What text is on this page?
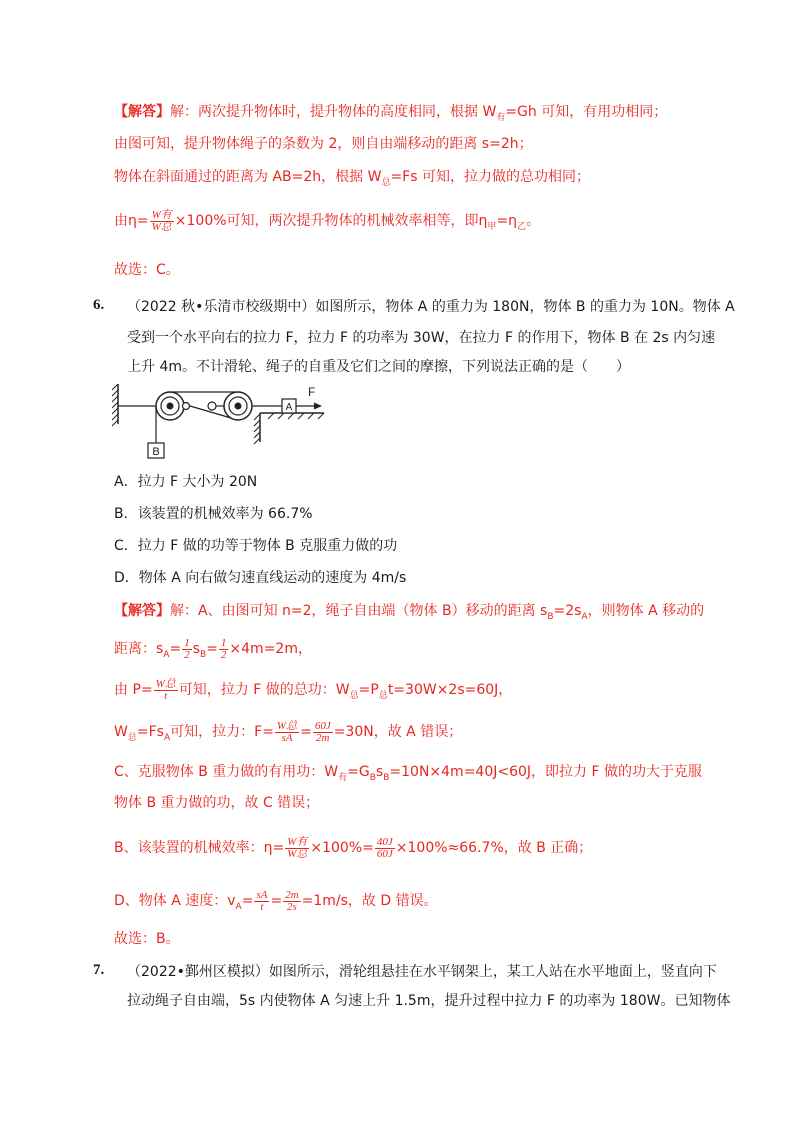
【解答】解：两次提升物体时，提升物体的高度相同，根据 $W_有=Gh$ 可知，有用功相同；
由图可知，提升物体绳子的条数为 2，则自由端移动的距离 s=2h；
物体在斜面通过的距离为 AB=2h，根据 $W_总=Fs$ 可知，拉力做的总功相同；
由$\eta= \frac{\text{W有}}{\text{W总}} \times 100\%$可知，两次提升物体的机械效率相等，即$\eta_甲=\eta_乙$。
故选：C。
6. （2022 秋•乐清市校级期中）如图所示，物体 A 的重力为 180N，物体 B 的重力为 10N。物体 A
受到一个水平向右的拉力 F，拉力 F 的功率为 30W，在拉力 F 的作用下，物体 B 在 2s 内匀速
上升 4m。不计滑轮、绳子的自重及它们之间的摩擦，下列说法正确的是（　　）
B
A
F
A．拉力 F 大小为 20N
B．该装置的机械效率为 66.7%
C．拉力 F 做的功等于物体 B 克服重力做的功
D．物体 A 向右做匀速直线运动的速度为 4m/s
【解答】解：A、由图可知 n=2，绳子自由端（物体 B）移动的距离 $s_B=2s_A$，则物体 A 移动的
距离：$s_A= \frac{1}{2} s_B= \frac{1}{2} \times 4m=2m$，
由 $P= \frac{\text{W总}}{t}$ 可知，拉力 F 做的总功：$W_总=P_总t=30W\times 2s=60J$，
$W_总=Fs_A$可知，拉力：$F= \frac{\text{W总}}{sA} = \frac{60J}{2m} =30N$，故 A 错误；
C、克服物体 B 重力做的有用功：$W_有=G_Bs_B=10N\times 4m=40J<60J$，即拉力 F 做的功大于克服
物体 B 重力做的功，故 C 错误；
B、该装置的机械效率：$\eta= \frac{\text{W有}}{\text{W总}} \times 100\%= \frac{40J}{60J} \times 100\%\approx 66.7\%$，故 B 正确；
D、物体 A 速度：$v_A= \frac{sA}{t} = \frac{2m}{2s} =1m/s$，故 D 错误。
故选：B。
7. （2022•鄞州区模拟）如图所示，滑轮组悬挂在水平钢架上，某工人站在水平地面上，竖直向下
拉动绳子自由端，5s 内使物体 A 匀速上升 1.5m，提升过程中拉力 F 的功率为 180W。已知物体
